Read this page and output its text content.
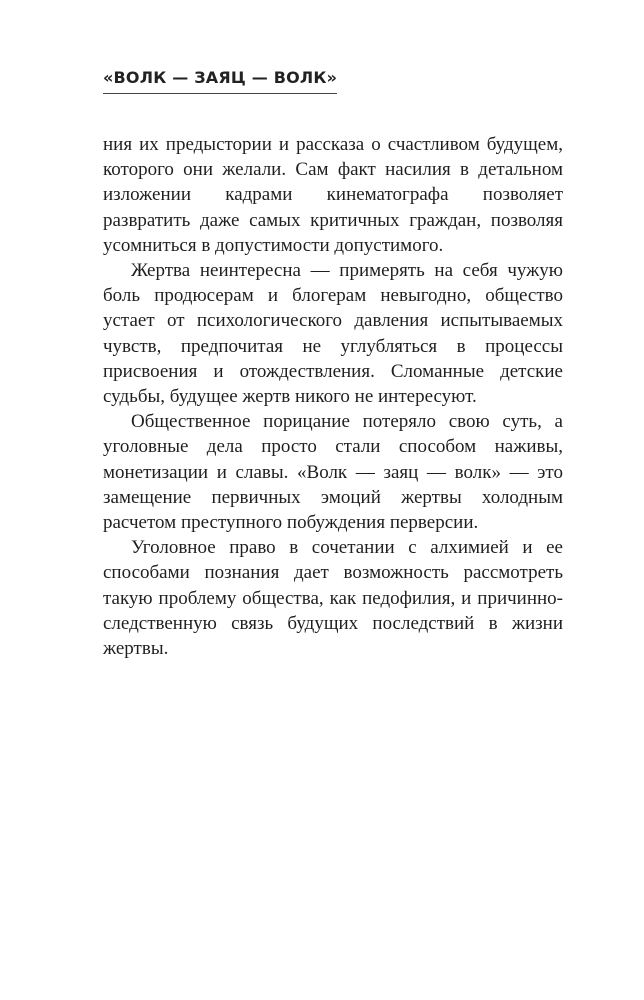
«ВОЛК — ЗАЯЦ — ВОЛК»

ния их предыстории и рассказа о счастливом будущем, которого они желали. Сам факт насилия в детальном изложении кадрами кинематографа позволяет развратить даже самых критичных граждан, позволяя усомниться в допустимости допустимого.

Жертва неинтересна — примерять на себя чужую боль продюсерам и блогерам невыгодно, общество устает от психологического давления испытываемых чувств, предпочитая не углубляться в процессы присвоения и отождествления. Сломанные детские судьбы, будущее жертв никого не интересуют.

Общественное порицание потеряло свою суть, а уголовные дела просто стали способом наживы, монетизации и славы. «Волк — заяц — волк» — это замещение первичных эмоций жертвы холодным расчетом преступного побуждения перверсии.

Уголовное право в сочетании с алхимией и ее способами познания дает возможность рассмотреть такую проблему общества, как педофилия, и причинно-следственную связь будущих последствий в жизни жертвы.
